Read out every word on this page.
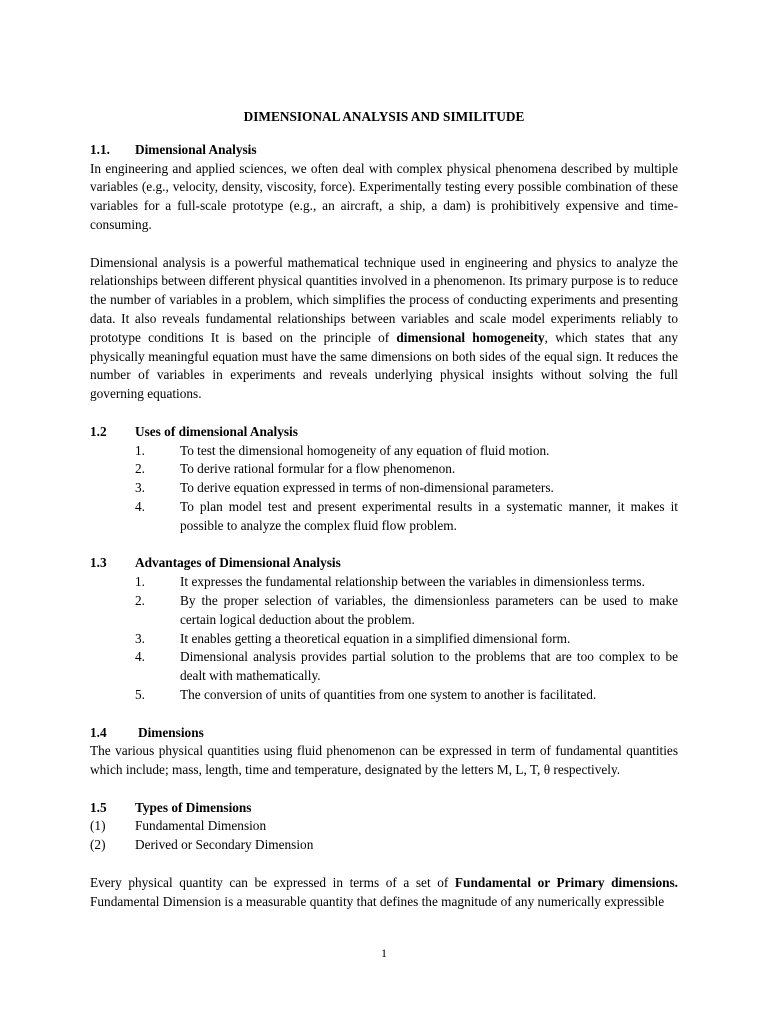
DIMENSIONAL ANALYSIS AND SIMILITUDE
1.1.	Dimensional Analysis

In engineering and applied sciences, we often deal with complex physical phenomena described by multiple variables (e.g., velocity, density, viscosity, force). Experimentally testing every possible combination of these variables for a full-scale prototype (e.g., an aircraft, a ship, a dam) is prohibitively expensive and time-consuming.

Dimensional analysis is a powerful mathematical technique used in engineering and physics to analyze the relationships between different physical quantities involved in a phenomenon. Its primary purpose is to reduce the number of variables in a problem, which simplifies the process of conducting experiments and presenting data. It also reveals fundamental relationships between variables and scale model experiments reliably to prototype conditions It is based on the principle of dimensional homogeneity, which states that any physically meaningful equation must have the same dimensions on both sides of the equal sign. It reduces the number of variables in experiments and reveals underlying physical insights without solving the full governing equations.

1.2	Uses of dimensional Analysis
1.	To test the dimensional homogeneity of any equation of fluid motion.
2.	To derive rational formular for a flow phenomenon.
3.	To derive equation expressed in terms of non-dimensional parameters.
4.	To plan model test and present experimental results in a systematic manner, it makes it possible to analyze the complex fluid flow problem.
1.3	Advantages of Dimensional Analysis
1.	It expresses the fundamental relationship between the variables in dimensionless terms.
2.	By the proper selection of variables, the dimensionless parameters can be used to make certain logical deduction about the problem.
3.	It enables getting a theoretical equation in a simplified dimensional form.
4.	Dimensional analysis provides partial solution to the problems that are too complex to be dealt with mathematically.
5.	The conversion of units of quantities from one system to another is facilitated.
1.4	Dimensions

The various physical quantities using fluid phenomenon can be expressed in term of fundamental quantities which include; mass, length, time and temperature, designated by the letters M, L, T, θ respectively.

1.5	Types of Dimensions
(1)	Fundamental Dimension
(2)	Derived or Secondary Dimension

Every physical quantity can be expressed in terms of a set of Fundamental or Primary dimensions. Fundamental Dimension is a measurable quantity that defines the magnitude of any numerically expressible

1
